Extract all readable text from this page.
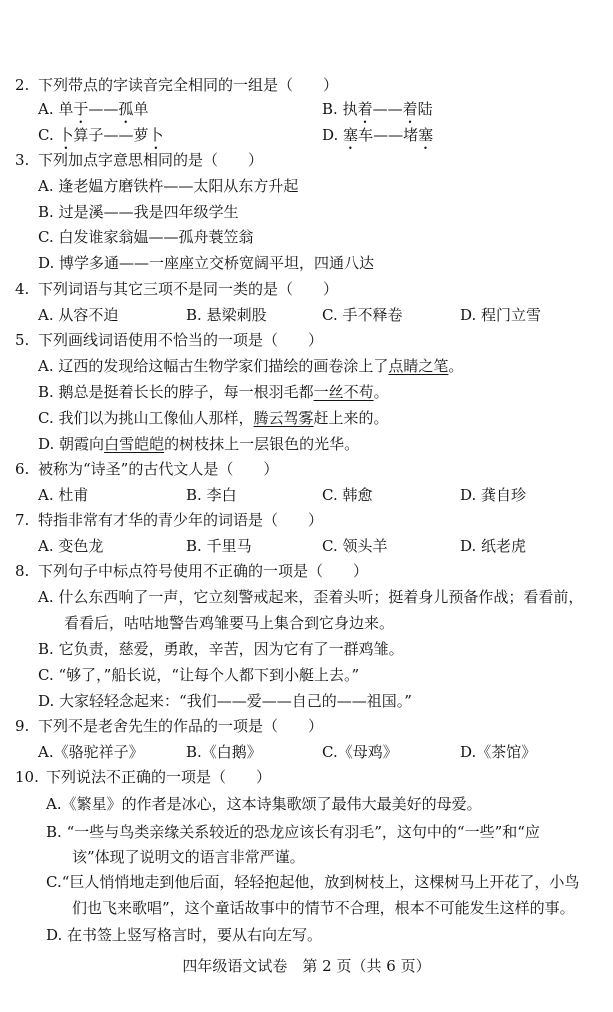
2. 下列带点的字读音完全相同的一组是（　　）
A. 单于——孤单	B. 执着——着陆
C. 卜算子——萝卜	D. 塞车——堵塞
3. 下列加点字意思相同的是（　　）
A. 逢老媪方磨铁杵——太阳从东方升起
B. 过是溪——我是四年级学生
C. 白发谁家翁媪——孤舟蓑笠翁
D. 博学多通——一座座立交桥宽阔平坦，四通八达
4. 下列词语与其它三项不是同一类的是（　　）
A. 从容不迫	B. 悬梁刺股	C. 手不释卷	D. 程门立雪
5. 下列画线词语使用不恰当的一项是（　　）
A. 辽西的发现给这幅古生物学家们描绘的画卷涂上了点睛之笔。
B. 鹅总是挺着长长的脖子，每一根羽毛都一丝不苟。
C. 我们以为挑山工像仙人那样，腾云驾雾赶上来的。
D. 朝霞向白雪皑皑的树枝抹上一层银色的光华。
6. 被称为“诗圣”的古代文人是（　　）
A. 杜甫	B. 李白	C. 韩愈	D. 龚自珍
7. 特指非常有才华的青少年的词语是（　　）
A. 变色龙	B. 千里马	C. 领头羊	D. 纸老虎
8. 下列句子中标点符号使用不正确的一项是（　　）
A. 什么东西响了一声，它立刻警戒起来，歪着头听；挺着身儿预备作战；看看前，
看看后，咕咕地警告鸡雏要马上集合到它身边来。
B. 它负责，慈爱，勇敢，辛苦，因为它有了一群鸡雏。
C. “够了，”船长说，“让每个人都下到小艇上去。”
D. 大家轻轻念起来：“我们——爱——自己的——祖国。”
9. 下列不是老舍先生的作品的一项是（　　）
A.《骆驼祥子》	B.《白鹅》	C.《母鸡》	D.《茶馆》
10. 下列说法不正确的一项是（　　）
A.《繁星》的作者是冰心，这本诗集歌颂了最伟大最美好的母爱。
B. “一些与鸟类亲缘关系较近的恐龙应该长有羽毛”，这句中的“一些”和“应
该”体现了说明文的语言非常严谨。
C.“巨人悄悄地走到他后面，轻轻抱起他，放到树枝上，这棵树马上开花了，小鸟
们也飞来歌唱”，这个童话故事中的情节不合理，根本不可能发生这样的事。
D. 在书签上竖写格言时，要从右向左写。
四年级语文试卷　第 2 页（共 6 页）
